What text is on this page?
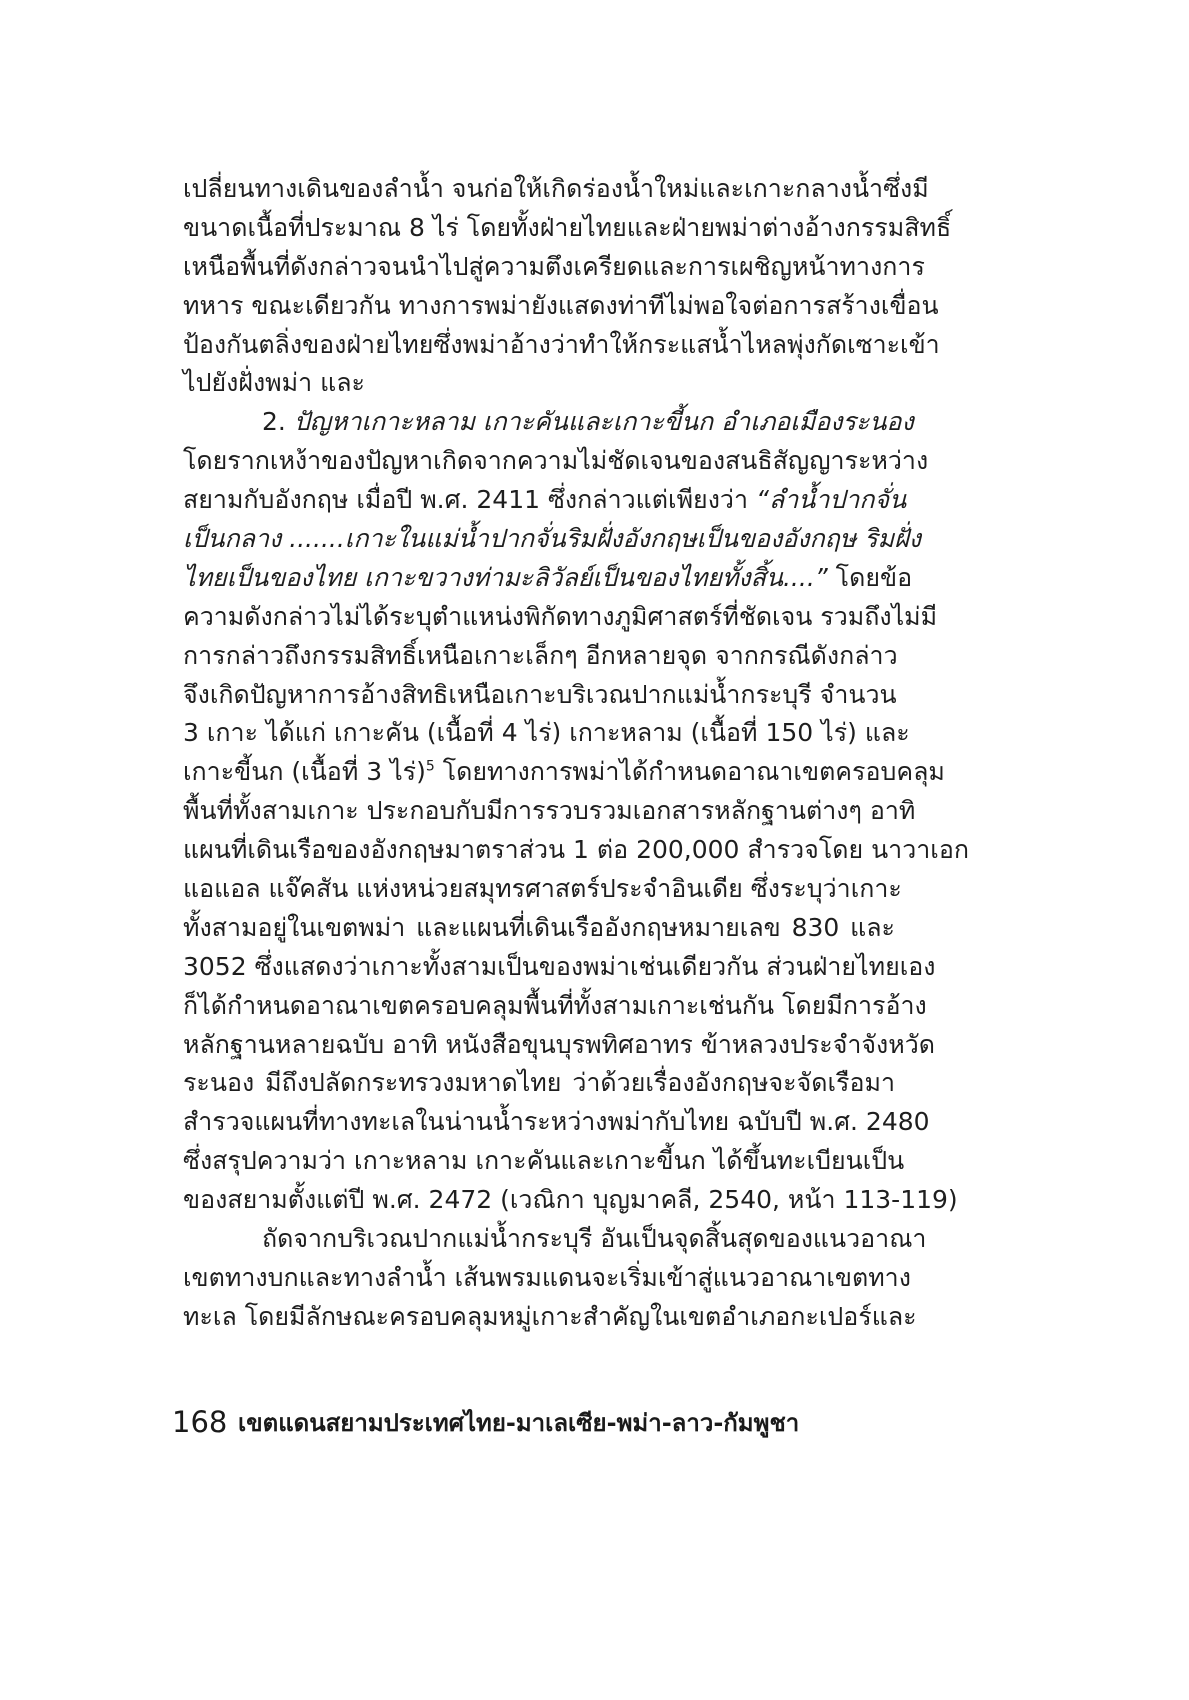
เปลี่ยนทางเดินของลำน้ำ จนก่อให้เกิดร่องน้ำใหม่และเกาะกลางน้ำซึ่งมี
ขนาดเนื้อที่ประมาณ 8 ไร่ โดยทั้งฝ่ายไทยและฝ่ายพม่าต่างอ้างกรรมสิทธิ์
เหนือพื้นที่ดังกล่าวจนนำไปสู่ความตึงเครียดและการเผชิญหน้าทางการ
ทหาร ขณะเดียวกัน ทางการพม่ายังแสดงท่าทีไม่พอใจต่อการสร้างเขื่อน
ป้องกันตลิ่งของฝ่ายไทยซึ่งพม่าอ้างว่าทำให้กระแสน้ำไหลพุ่งกัดเซาะเข้า
ไปยังฝั่งพม่า และ
2. ปัญหาเกาะหลาม เกาะคันและเกาะขี้นก อำเภอเมืองระนอง
โดยรากเหง้าของปัญหาเกิดจากความไม่ชัดเจนของสนธิสัญญาระหว่าง
สยามกับอังกฤษ เมื่อปี พ.ศ. 2411 ซึ่งกล่าวแต่เพียงว่า “ลำน้ำปากจั่น
เป็นกลาง .......เกาะในแม่น้ำปากจั่นริมฝั่งอังกฤษเป็นของอังกฤษ ริมฝั่ง
ไทยเป็นของไทย เกาะขวางท่ามะลิวัลย์เป็นของไทยทั้งสิ้น....” โดยข้อ
ความดังกล่าวไม่ได้ระบุตำแหน่งพิกัดทางภูมิศาสตร์ที่ชัดเจน รวมถึงไม่มี
การกล่าวถึงกรรมสิทธิ์เหนือเกาะเล็กๆ อีกหลายจุด จากกรณีดังกล่าว
จึงเกิดปัญหาการอ้างสิทธิเหนือเกาะบริเวณปากแม่น้ำกระบุรี จำนวน
3 เกาะ ได้แก่ เกาะคัน (เนื้อที่ 4 ไร่) เกาะหลาม (เนื้อที่ 150 ไร่) และ
เกาะขี้นก (เนื้อที่ 3 ไร่)$^5$ โดยทางการพม่าได้กำหนดอาณาเขตครอบคลุม
พื้นที่ทั้งสามเกาะ ประกอบกับมีการรวบรวมเอกสารหลักฐานต่างๆ อาทิ
แผนที่เดินเรือของอังกฤษมาตราส่วน 1 ต่อ 200,000 สำรวจโดย นาวาเอก
แอแอล แจ๊คสัน แห่งหน่วยสมุทรศาสตร์ประจำอินเดีย ซึ่งระบุว่าเกาะ
ทั้งสามอยู่ในเขตพม่า และแผนที่เดินเรืออังกฤษหมายเลข 830 และ
3052 ซึ่งแสดงว่าเกาะทั้งสามเป็นของพม่าเช่นเดียวกัน ส่วนฝ่ายไทยเอง
ก็ได้กำหนดอาณาเขตครอบคลุมพื้นที่ทั้งสามเกาะเช่นกัน โดยมีการอ้าง
หลักฐานหลายฉบับ อาทิ หนังสือขุนบุรพทิศอาทร ข้าหลวงประจำจังหวัด
ระนอง มีถึงปลัดกระทรวงมหาดไทย ว่าด้วยเรื่องอังกฤษจะจัดเรือมา
สำรวจแผนที่ทางทะเลในน่านน้ำระหว่างพม่ากับไทย ฉบับปี พ.ศ. 2480
ซึ่งสรุปความว่า เกาะหลาม เกาะคันและเกาะขี้นก ได้ขึ้นทะเบียนเป็น
ของสยามตั้งแต่ปี พ.ศ. 2472 (เวณิกา บุญมาคลี, 2540, หน้า 113-119)
ถัดจากบริเวณปากแม่น้ำกระบุรี อันเป็นจุดสิ้นสุดของแนวอาณา
เขตทางบกและทางลำน้ำ เส้นพรมแดนจะเริ่มเข้าสู่แนวอาณาเขตทาง
ทะเล โดยมีลักษณะครอบคลุมหมู่เกาะสำคัญในเขตอำเภอกะเปอร์และ
168 เขตแดนสยามประเทศไทย-มาเลเซีย-พม่า-ลาว-กัมพูชา
